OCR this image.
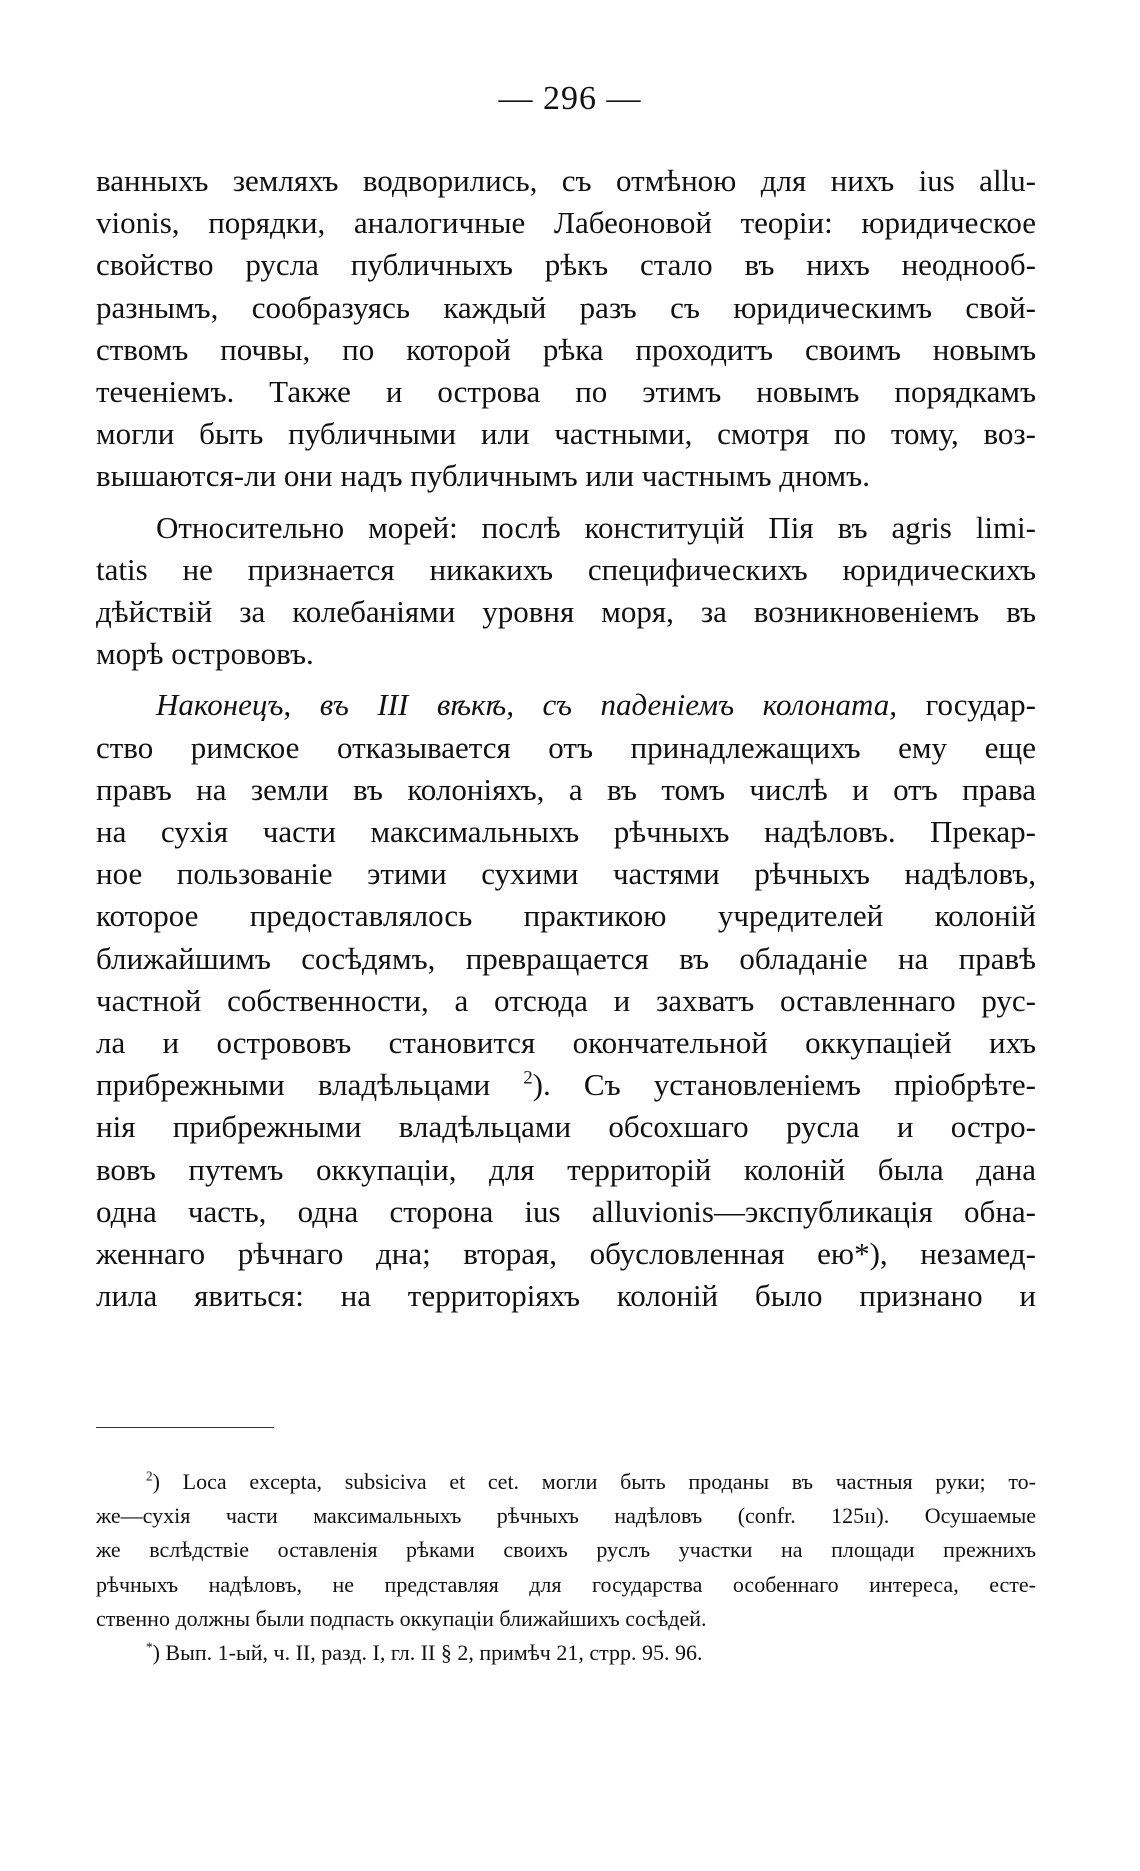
— 296 —
ванныхъ земляхъ водворились, съ отмѣною для нихъ ius allu-
vionis, порядки, аналогичные Лабеоновой теоріи: юридическое
свойство русла публичныхъ рѣкъ стало въ нихъ неоднооб-
разнымъ, сообразуясь каждый разъ съ юридическимъ свой-
ствомъ почвы, по которой рѣка проходитъ своимъ новымъ
теченіемъ. Также и острова по этимъ новымъ порядкамъ
могли быть публичными или частными, смотря по тому, воз-
вышаются-ли они надъ публичнымъ или частнымъ дномъ.
Относительно морей: послѣ конституцій Пія въ agris limi-
tatis не признается никакихъ специфическихъ юридическихъ
дѣйствій за колебаніями уровня моря, за возникновеніемъ въ
морѣ острововъ.
Наконецъ, въ III вѣкѣ, съ паденіемъ колоната, государ-
ство римское отказывается отъ принадлежащихъ ему еще
правъ на земли въ колоніяхъ, а въ томъ числѣ и отъ права
на сухія части максимальныхъ рѣчныхъ надѣловъ. Прекар-
ное пользованіе этими сухими частями рѣчныхъ надѣловъ,
которое предоставлялось практикою учредителей колоній
ближайшимъ сосѣдямъ, превращается въ обладаніе на правѣ
частной собственности, а отсюда и захватъ оставленнаго рус-
ла и острововъ становится окончательной оккупацiей ихъ
прибрежными владѣльцами $^2$). Съ установленіемъ пріобрѣте-
нія прибрежными владѣльцами обсохшаго русла и остро-
вовъ путемъ оккупаціи, для территорій колоній была дана
одна часть, одна сторона ius alluvionis—экспубликація обна-
женнаго рѣчнаго дна; вторая, обусловленная ею*), незамед-
лила явиться: на территоріяхъ колоній было признано и
$^2$) Loca excepta, subsiciva et cet. могли быть проданы въ частныя руки; то-
же—сухія части максимальныхъ рѣчныхъ надѣловъ (confr. 125ıı). Осушаемые
же вслѣдствіе оставленія рѣками своихъ руслъ участки на площади прежнихъ
рѣчныхъ надѣловъ, не представляя для государства особеннаго интереса, есте-
ственно должны были подпасть оккупаціи ближайшихъ сосѣдей.
*) Вып. 1-ый, ч. II, разд. I, гл. II § 2, примѣч 21, стрр. 95. 96.
